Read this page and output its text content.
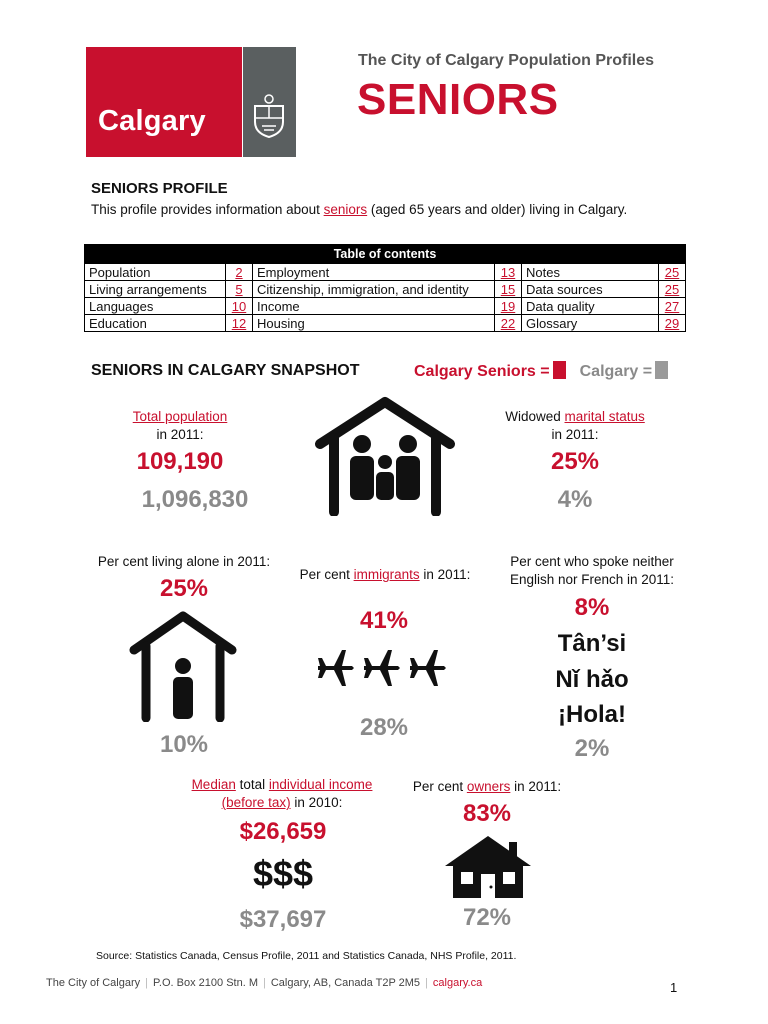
Calgary
The City of Calgary Population Profiles
SENIORS
SENIORS PROFILE
This profile provides information about seniors (aged 65 years and older) living in Calgary.
Table of contents					
Population	2	Employment	13	Notes	25
Living arrangements	5	Citizenship, immigration, and identity	15	Data sources	25
Languages	10	Income	19	Data quality	27
Education	12	Housing	22	Glossary	29
SENIORS IN CALGARY SNAPSHOT	Calgary Seniors = Calgary =
Total population
in 2011:
109,190
1,096,830
Widowed marital status
in 2011:
25%
4%
Per cent living alone in 2011:
25%
10%
Per cent immigrants in 2011:
41%
28%
Per cent who spoke neither
English nor French in 2011:
8%
Tân’si
Nǐ hǎo
¡Hola!
2%
Median total individual income
(before tax) in 2010:
$26,659
$$$
$37,697
Per cent owners in 2011:
83%
72%
Source: Statistics Canada, Census Profile, 2011 and Statistics Canada, NHS Profile, 2011.
The City of Calgary | P.O. Box 2100 Stn. M | Calgary, AB, Canada T2P 2M5 | calgary.ca	1
